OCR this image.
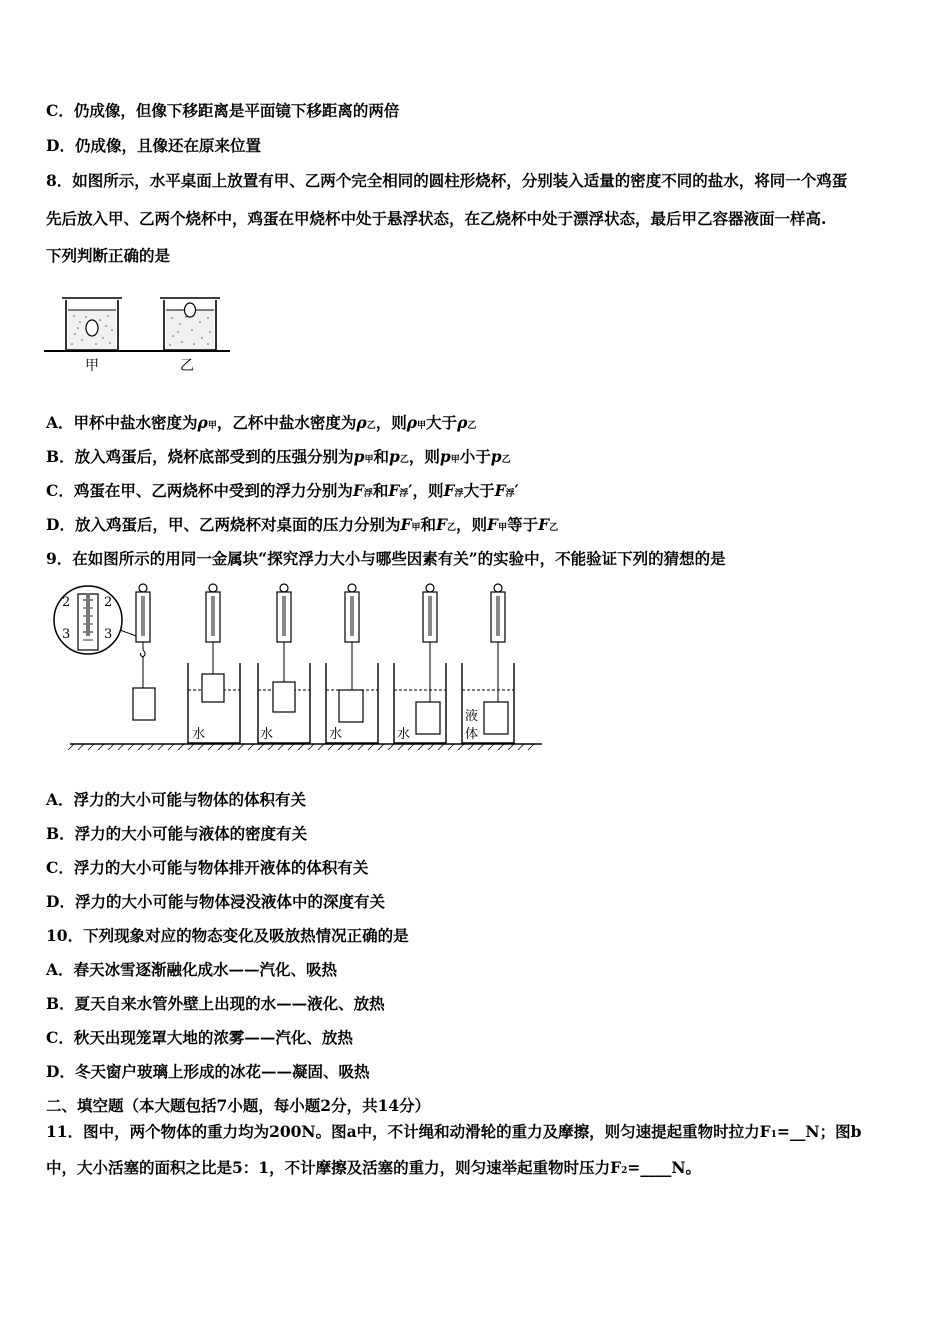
C．仍成像，但像下移距离是平面镜下移距离的两倍
D．仍成像，且像还在原来位置
8．如图所示，水平桌面上放置有甲、乙两个完全相同的圆柱形烧杯，分别装入适量的密度不同的盐水，将同一个鸡蛋
先后放入甲、乙两个烧杯中，鸡蛋在甲烧杯中处于悬浮状态，在乙烧杯中处于漂浮状态，最后甲乙容器液面一样高.
下列判断正确的是
甲	乙
A．甲杯中盐水密度为ρ甲，乙杯中盐水密度为ρ乙，则ρ甲大于ρ乙
B．放入鸡蛋后，烧杯底部受到的压强分别为p甲和p乙，则p甲小于p乙
C．鸡蛋在甲、乙两烧杯中受到的浮力分别为F浮和F浮′，则F浮大于F浮′
D．放入鸡蛋后，甲、乙两烧杯对桌面的压力分别为F甲和F乙，则F甲等于F乙
9．在如图所示的用同一金属块“探究浮力大小与哪些因素有关”的实验中，不能验证下列的猜想的是
2	2
3	3
水	水	水	水
液
体
A．浮力的大小可能与物体的体积有关
B．浮力的大小可能与液体的密度有关
C．浮力的大小可能与物体排开液体的体积有关
D．浮力的大小可能与物体浸没液体中的深度有关
10．下列现象对应的物态变化及吸放热情况正确的是
A．春天冰雪逐渐融化成水——汽化、吸热
B．夏天自来水管外壁上出现的水——液化、放热
C．秋天出现笼罩大地的浓雾——汽化、放热
D．冬天窗户玻璃上形成的冰花——凝固、吸热
二、填空题（本大题包括7小题，每小题2分，共14分）
11．图中，两个物体的重力均为200N。图a中，不计绳和动滑轮的重力及摩擦，则匀速提起重物时拉力F1=__N；图b
中，大小活塞的面积之比是5：1，不计摩擦及活塞的重力，则匀速举起重物时压力F2=____N。
